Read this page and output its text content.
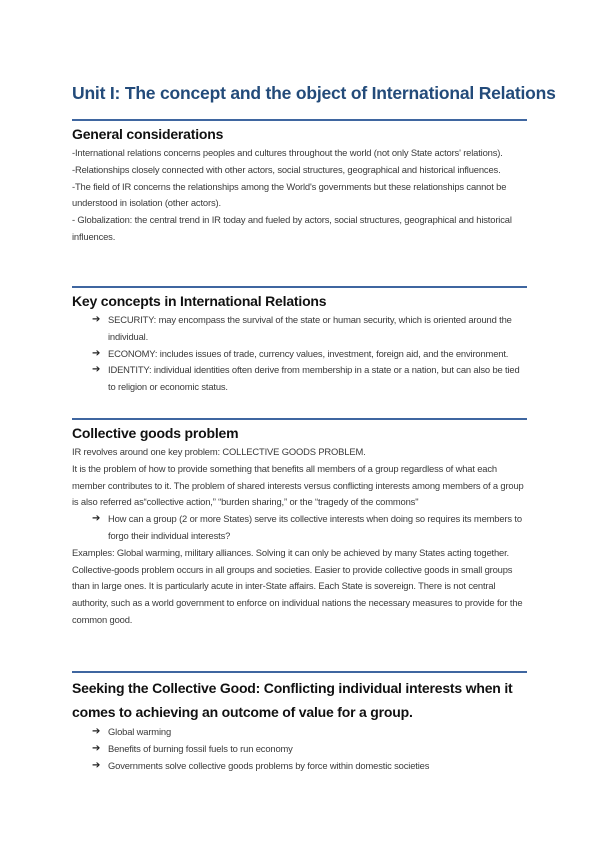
Unit I: The concept and the object of International Relations
General considerations

-International relations concerns peoples and cultures throughout the world (not only State actors' relations).

-Relationships closely connected with other actors, social structures, geographical and historical influences.

-The field of IR concerns the relationships among the World's governments but these relationships cannot be understood in isolation (other actors).

- Globalization: the central trend in IR today and fueled by actors, social structures, geographical and historical influences.

Key concepts in International Relations
➔ SECURITY: may encompass the survival of the state or human security, which is oriented around the individual.
➔ ECONOMY: includes issues of trade, currency values, investment, foreign aid, and the environment.
➔ IDENTITY: individual identities often derive from membership in a state or a nation, but can also be tied to religion or economic status.
Collective goods problem

IR revolves around one key problem: COLLECTIVE GOODS PROBLEM.

It is the problem of how to provide something that benefits all members of a group regardless of what each member contributes to it. The problem of shared interests versus conflicting interests among members of a group is also referred as“collective action,” “burden sharing,” or the “tragedy of the commons"

➔ How can a group (2 or more States) serve its collective interests when doing so requires its members to forgo their individual interests?

Examples: Global warming, military alliances. Solving it can only be achieved by many States acting together.

Collective-goods problem occurs in all groups and societies. Easier to provide collective goods in small groups than in large ones. It is particularly acute in inter-State affairs. Each State is sovereign. There is not central authority, such as a world government to enforce on individual nations the necessary measures to provide for the common good.

Seeking the Collective Good: Conflicting individual interests when it comes to achieving an outcome of value for a group.
➔ Global warming
➔ Benefits of burning fossil fuels to run economy
➔ Governments solve collective goods problems by force within domestic societies
